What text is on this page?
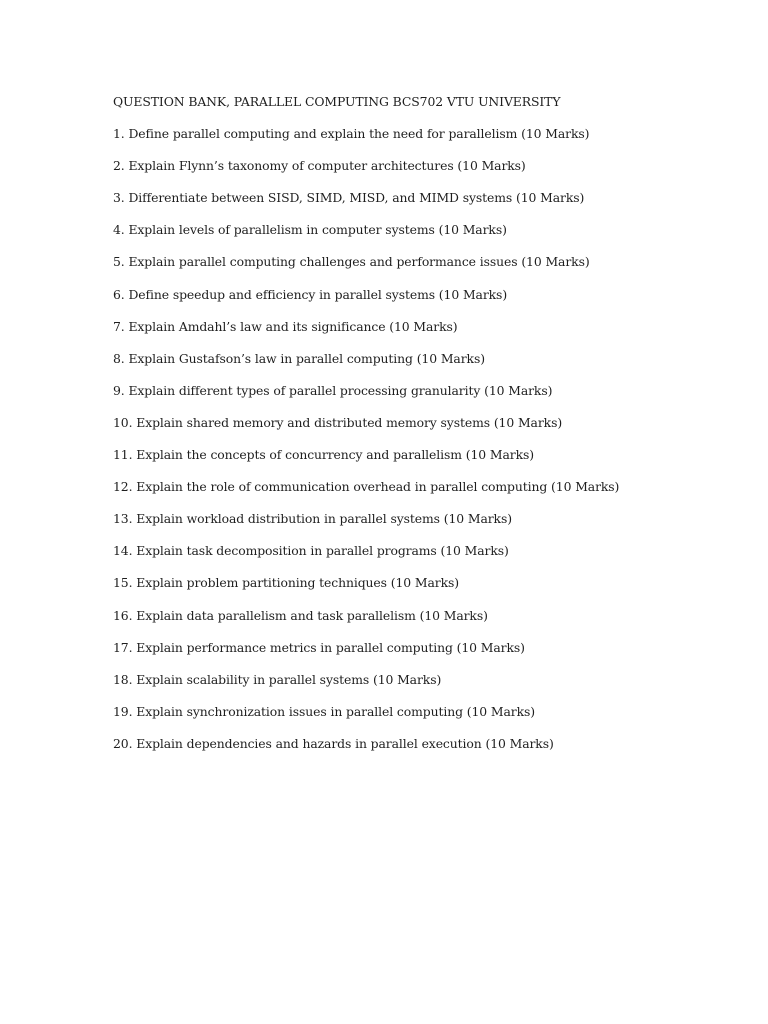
QUESTION BANK, PARALLEL COMPUTING BCS702 VTU UNIVERSITY

1. Define parallel computing and explain the need for parallelism (10 Marks)

2. Explain Flynn’s taxonomy of computer architectures (10 Marks)

3. Differentiate between SISD, SIMD, MISD, and MIMD systems (10 Marks)

4. Explain levels of parallelism in computer systems (10 Marks)

5. Explain parallel computing challenges and performance issues (10 Marks)

6. Define speedup and efficiency in parallel systems (10 Marks)

7. Explain Amdahl’s law and its significance (10 Marks)

8. Explain Gustafson’s law in parallel computing (10 Marks)

9. Explain different types of parallel processing granularity (10 Marks)

10. Explain shared memory and distributed memory systems (10 Marks)

11. Explain the concepts of concurrency and parallelism (10 Marks)

12. Explain the role of communication overhead in parallel computing (10 Marks)

13. Explain workload distribution in parallel systems (10 Marks)

14. Explain task decomposition in parallel programs (10 Marks)

15. Explain problem partitioning techniques (10 Marks)

16. Explain data parallelism and task parallelism (10 Marks)

17. Explain performance metrics in parallel computing (10 Marks)

18. Explain scalability in parallel systems (10 Marks)

19. Explain synchronization issues in parallel computing (10 Marks)

20. Explain dependencies and hazards in parallel execution (10 Marks)
